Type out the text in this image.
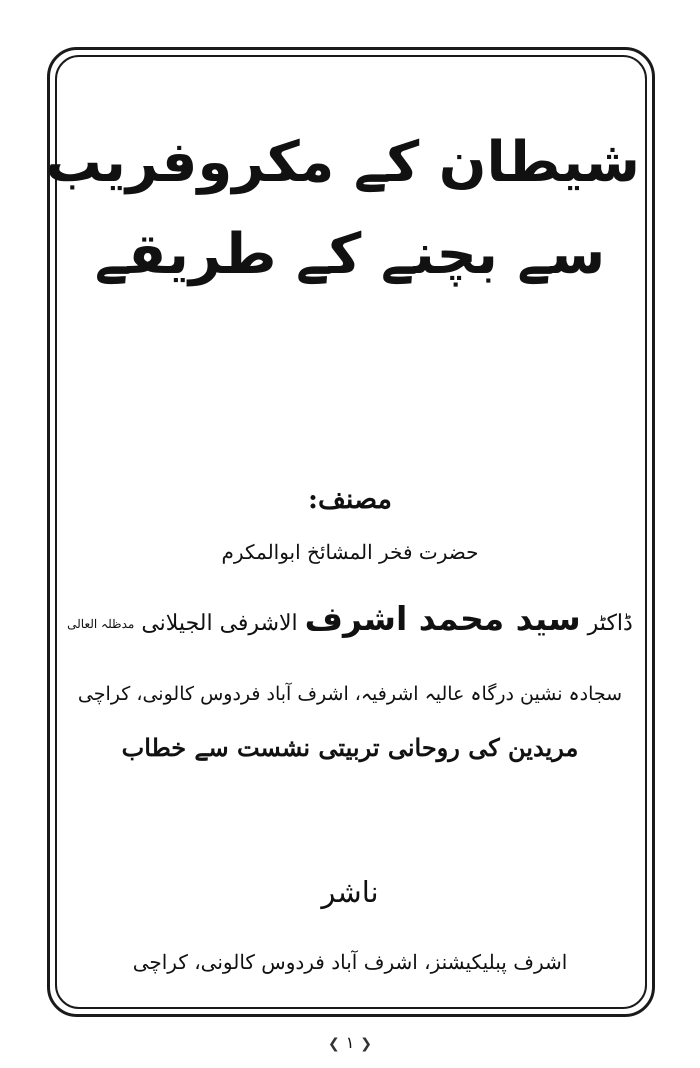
شیطان کے مکروفریب
سے بچنے کے طریقے
مصنف:
حضرت فخر المشائخ ابوالمکرم
ڈاکٹر سید محمد اشرف الاشرفی الجیلانی مدظلہ العالی
سجادہ نشین درگاہ عالیہ اشرفیہ، اشرف آباد فردوس کالونی، کراچی
مریدین کی روحانی تربیتی نشست سے خطاب
ناشر
اشرف پبلیکیشنز، اشرف آباد فردوس کالونی، کراچی
❮ ۱ ❯
